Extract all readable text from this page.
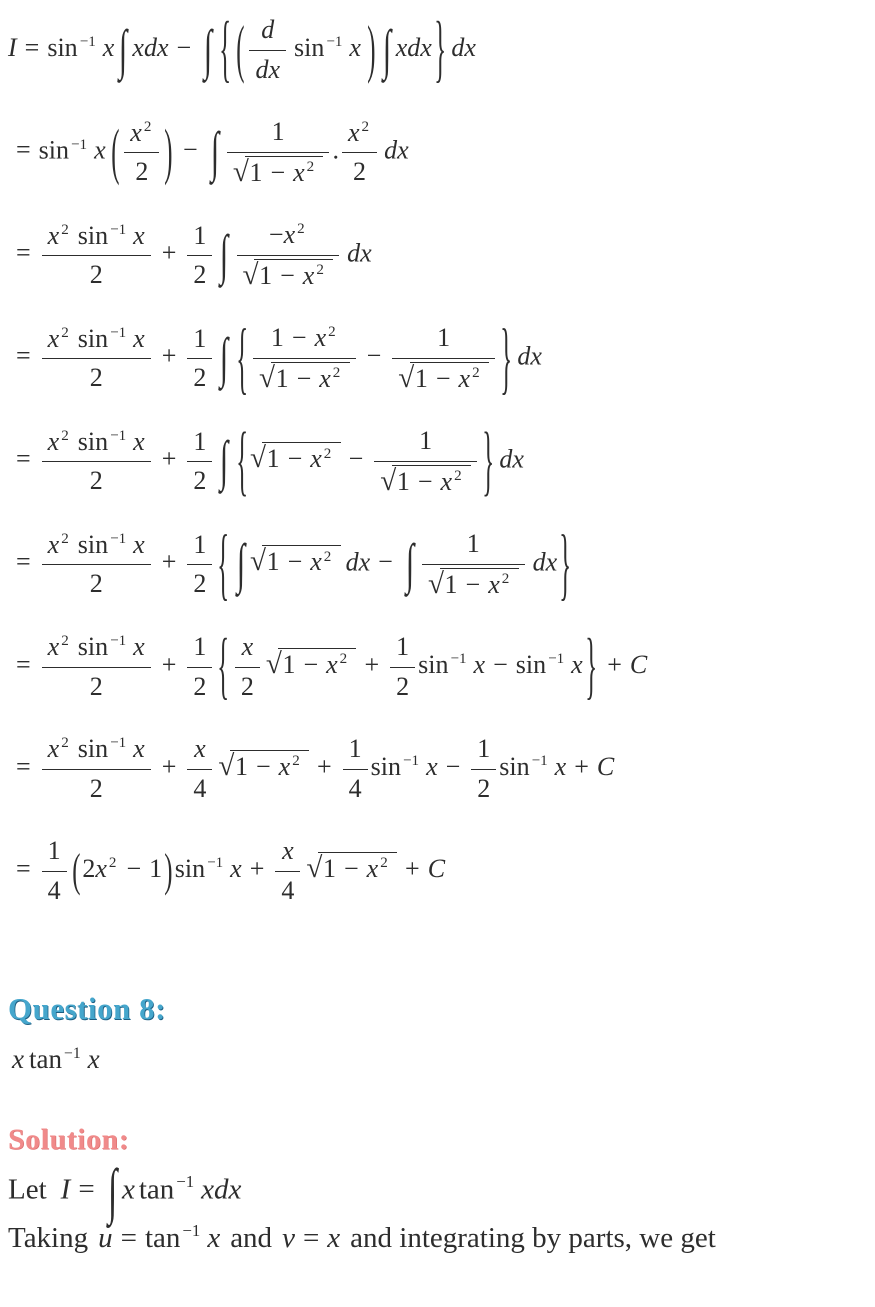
I = sin $^{-1}$ x ∫ xdx − ∫ { ( $\frac{d}{dx}$ sin $^{-1}$ x ) ∫ xdx} dx
= sin $^{-1}$ x ( $\frac{x ^2}{2}$ ) − ∫ $\frac{1}{√ 1 - x ^2}$ . $\frac{x ^2}{2}$ dx
= $\frac{x ^2 \sin ^{-1} x}{2} + \frac{1}{2}$ ∫ $\frac{-x ^2}{√ 1 - x ^2}$ dx
= $\frac{x ^2 \sin ^{-1} x}{2} + \frac{1}{2}$ ∫ { $\frac{1 - x ^2}{√ 1 - x ^2} - \frac{1}{√ 1 - x ^2}$ } dx
= $\frac{x ^2 \sin ^{-1} x}{2} + \frac{1}{2}$ ∫ { √ 1 − x $^2 - \frac{1}{√ 1 - x ^2}$ } dx
= $\frac{x ^2 \sin ^{-1} x}{2} + \frac{1}{2}$ { ∫ √ 1 − x $^2$ dx − ∫ $\frac{1}{√ 1 - x ^2} dx$}
= $\frac{x ^2 \sin ^{-1} x}{2} + \frac{1}{2}$ { $\frac{x}{2}$ √ 1 − x $^2 + \frac{1}{2}$ sin $^{-1}$ x − sin $^{-1}$ x} + C
= $\frac{x ^2 \sin ^{-1} x}{2} + \frac{x}{4}$ √ 1 − x $^2 + \frac{1}{4}$ sin $^{-1}$ $x - \frac{1}{2}$ sin $^{-1}$ x + C
= $\frac{1}{4} (2x$ $^2$ − 1)sin $^{-1}$ $x + \frac{x}{4}$ √ 1 − x $^2$ + C
Question 8:
x tan $^{-1}$ x
Solution:
Let I = ∫ x tan $^{-1}$ xdx
Taking u = tan $^{-1}$ x and v = x and integrating by parts, we get
